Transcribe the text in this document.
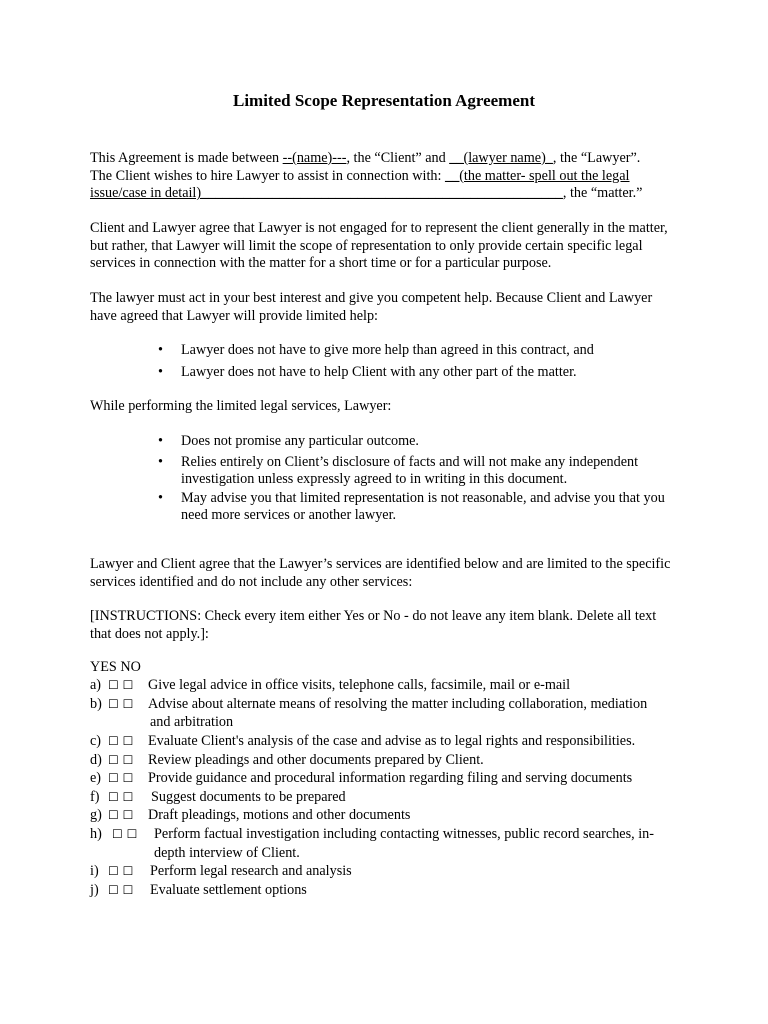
Limited Scope Representation Agreement
This Agreement is made between --(name)---, the “Client” and __(lawyer name)_, the “Lawyer”.
The Client wishes to hire Lawyer to assist in connection with: __(the matter- spell out the legal issue/case in detail)___________________________________________________, the “matter.”
Client and Lawyer agree that Lawyer is not engaged for to represent the client generally in the matter, but rather, that Lawyer will limit the scope of representation to only provide certain specific legal services in connection with the matter for a short time or for a particular purpose.
The lawyer must act in your best interest and give you competent help. Because Client and Lawyer have agreed that Lawyer will provide limited help:
• Lawyer does not have to give more help than agreed in this contract, and
• Lawyer does not have to help Client with any other part of the matter.
While performing the limited legal services, Lawyer:
• Does not promise any particular outcome.
• Relies entirely on Client’s disclosure of facts and will not make any independent investigation unless expressly agreed to in writing in this document.
• May advise you that limited representation is not reasonable, and advise you that you need more services or another lawyer.
Lawyer and Client agree that the Lawyer’s services are identified below and are limited to the specific services identified and do not include any other services:
[INSTRUCTIONS: Check every item either Yes or No - do not leave any item blank. Delete all text that does not apply.]:
YES NO
a) ☐ ☐ Give legal advice in office visits, telephone calls, facsimile, mail or e-mail
b) ☐ ☐ Advise about alternate means of resolving the matter including collaboration, mediation
and arbitration
c) ☐ ☐ Evaluate Client's analysis of the case and advise as to legal rights and responsibilities.
d) ☐ ☐ Review pleadings and other documents prepared by Client.
e) ☐ ☐ Provide guidance and procedural information regarding filing and serving documents
f) ☐ ☐ Suggest documents to be prepared
g) ☐ ☐ Draft pleadings, motions and other documents
h) ☐ ☐ Perform factual investigation including contacting witnesses, public record searches, in-
depth interview of Client.
i) ☐ ☐ Perform legal research and analysis
j) ☐ ☐ Evaluate settlement options
